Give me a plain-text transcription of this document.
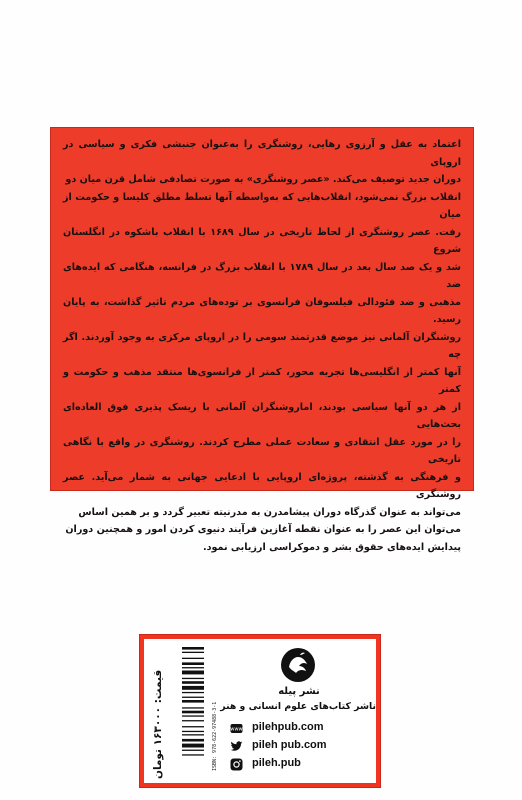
اعتماد به عقل و آرزوی رهایی، روشنگری را به‌عنوان جنبشی فکری و سیاسی در اروپای

دوران جدید توصیف می‌کند. «عصر روشنگری» به صورت تصادفی شامل قرن میان دو

انقلاب بزرگ نمی‌شود، انقلاب‌هایی که به‌واسطه آنها تسلط مطلق کلیسا و حکومت از میان

رفت. عصر روشنگری از لحاظ تاریخی در سال ۱۶۸۹ با انقلاب باشکوه در انگلستان شروع

شد و یک صد سال بعد در سال ۱۷۸۹ با انقلاب بزرگ در فرانسه، هنگامی که ایده‌های ضد

مذهبی و ضد فئودالی فیلسوفان فرانسوی بر توده‌های مردم تاثیر گذاشت، به پایان رسید.

روشنگران آلمانی نیز موضع قدرتمند سومی را در اروپای مرکزی به وجود آوردند. اگر چه

آنها کمتر از انگلیسی‌ها تجربه محور، کمتر از فرانسوی‌ها منتقد مذهب و حکومت و کمتر

از هر دو آنها سیاسی بودند، اماروشنگران آلمانی با ریسک پذیری فوق العاده‌ای بحث‌هایی

را در مورد عقل انتقادی و سعادت عملی مطرح کردند. روشنگری در واقع با نگاهی تاریخی

و فرهنگی به گذشته، پروژه‌ای اروپایی با ادعایی جهانی به شمار می‌آید. عصر روشنگری

می‌تواند به عنوان گذرگاه دوران پیشامدرن به مدرنیته تعبیر گردد و بر همین اساس

می‌توان این عصر را به عنوان نقطه آغازین فرآیند دنیوی کردن امور و همچنین دوران

پیدایش ایده‌های حقوق بشر و دموکراسی ارزیابی نمود.

قیمت: ۱۶۳۰۰۰ تومان
ISBN: 978-622-97488-3-1
نشر پیله
ناشر کتاب‌های علوم انسانی و هنر
www pilehpub.com
pileh pub.com
pileh.pub
